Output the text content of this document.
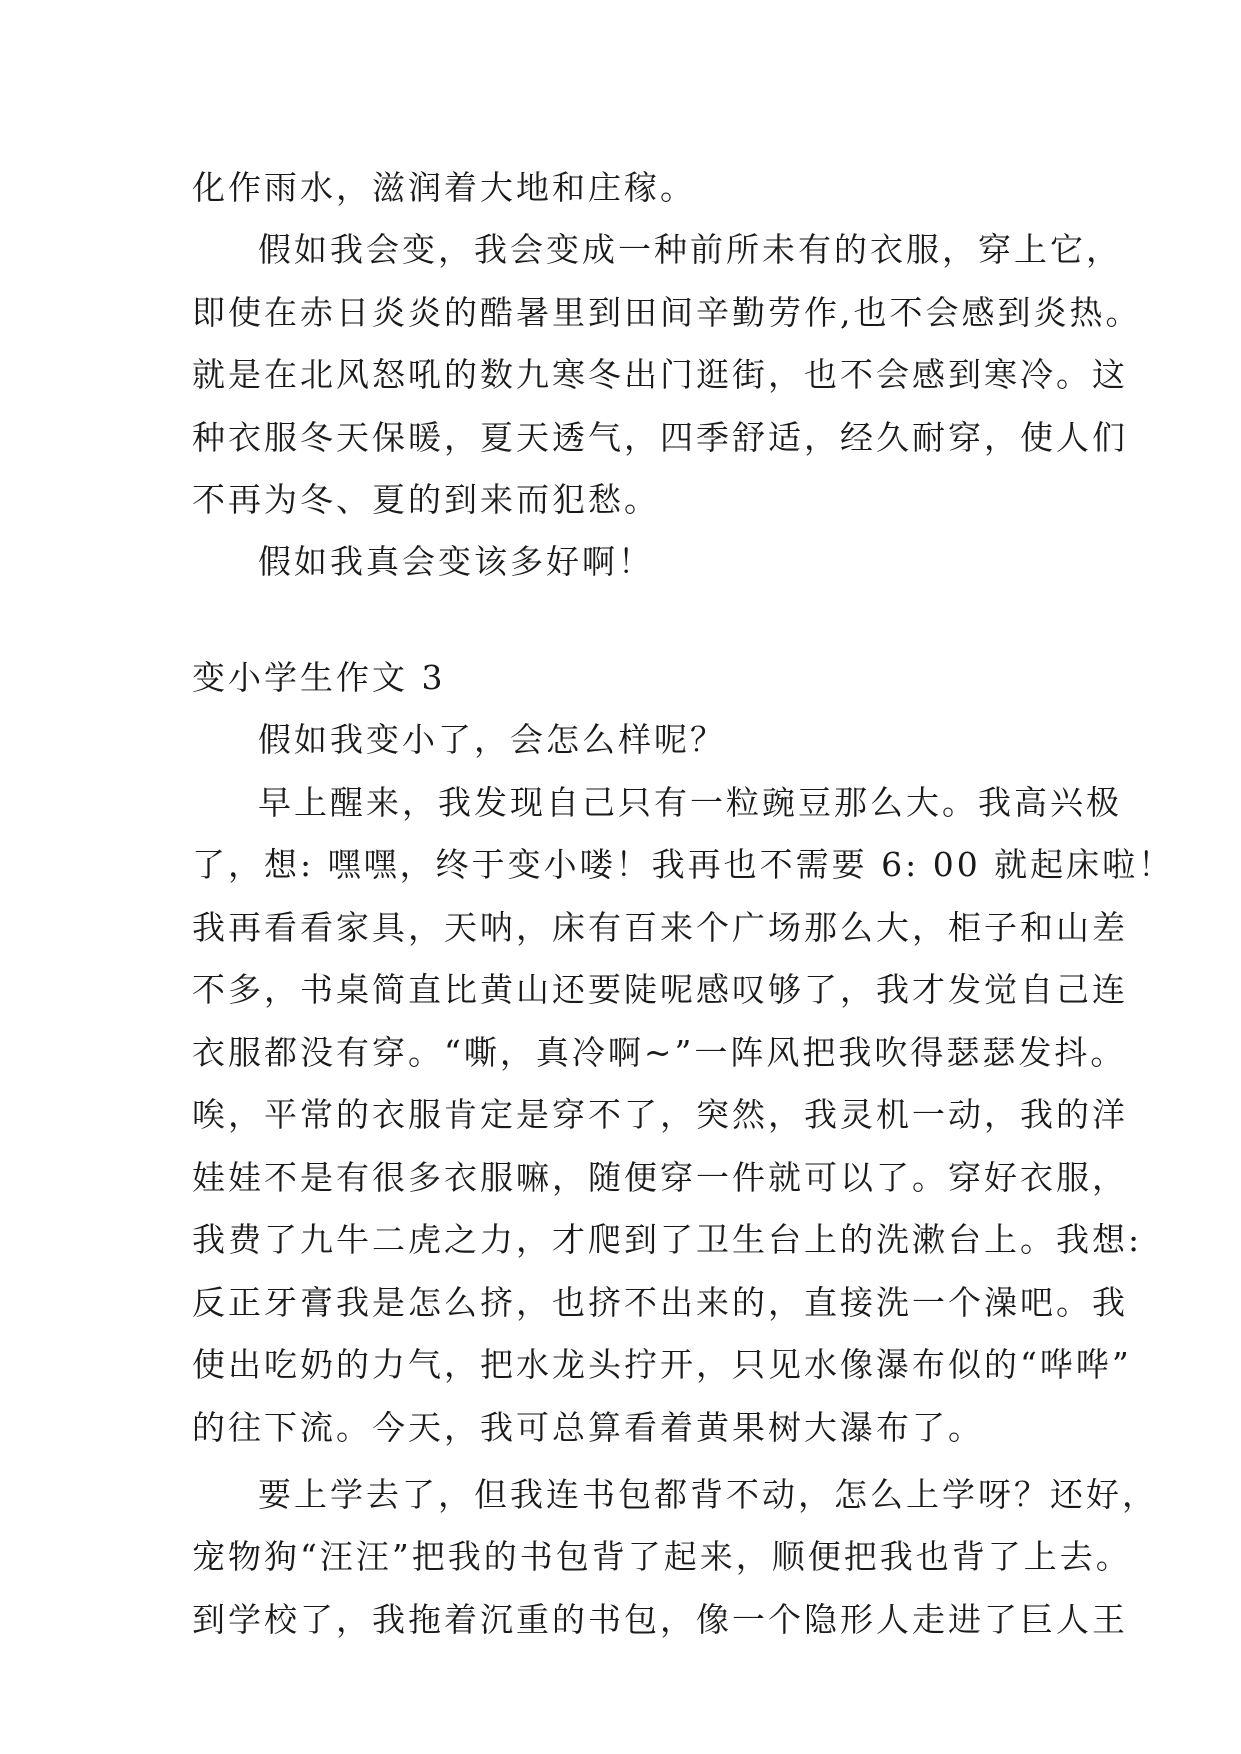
化作雨水，滋润着大地和庄稼。
假如我会变，我会变成一种前所未有的衣服，穿上它，
即使在赤日炎炎的酷暑里到田间辛勤劳作,也不会感到炎热。
就是在北风怒吼的数九寒冬出门逛街，也不会感到寒冷。这
种衣服冬天保暖，夏天透气，四季舒适，经久耐穿，使人们
不再为冬、夏的到来而犯愁。
假如我真会变该多好啊！
变小学生作文 3
假如我变小了，会怎么样呢？
早上醒来，我发现自己只有一粒豌豆那么大。我高兴极
了，想: 嘿嘿，终于变小喽！我再也不需要 6: 00 就起床啦！
我再看看家具，天呐，床有百来个广场那么大，柜子和山差
不多，书桌简直比黄山还要陡呢感叹够了，我才发觉自己连
衣服都没有穿。“嘶，真冷啊~”一阵风把我吹得瑟瑟发抖。
唉，平常的衣服肯定是穿不了，突然，我灵机一动，我的洋
娃娃不是有很多衣服嘛，随便穿一件就可以了。穿好衣服，
我费了九牛二虎之力，才爬到了卫生台上的洗漱台上。我想:
反正牙膏我是怎么挤，也挤不出来的，直接洗一个澡吧。我
使出吃奶的力气，把水龙头拧开，只见水像瀑布似的“哗哗”
的往下流。今天，我可总算看着黄果树大瀑布了。
要上学去了，但我连书包都背不动，怎么上学呀？还好，
宠物狗“汪汪”把我的书包背了起来，顺便把我也背了上去。
到学校了，我拖着沉重的书包，像一个隐形人走进了巨人王
